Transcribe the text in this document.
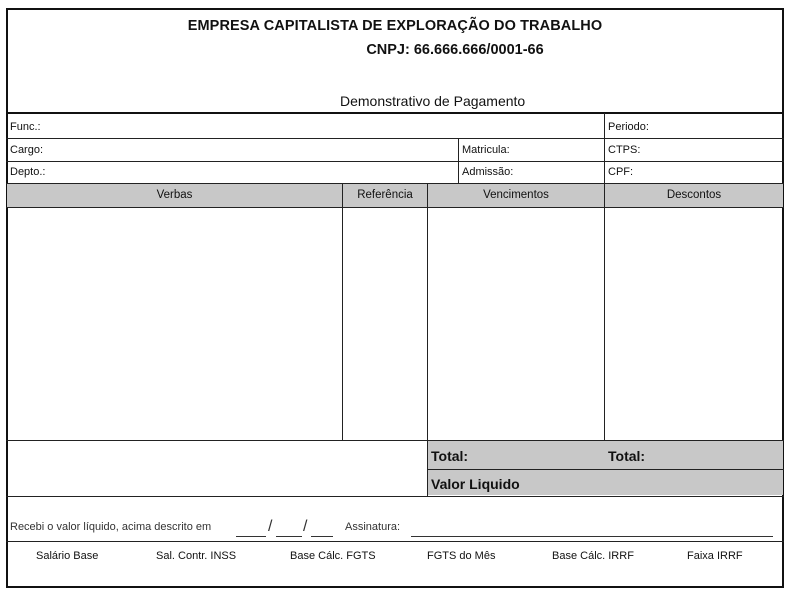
EMPRESA CAPITALISTA DE EXPLORAÇÃO DO TRABALHO
CNPJ: 66.666.666/0001-66
Demonstrativo de Pagamento
Func.:	Periodo:
Cargo:	Matricula:	CTPS:
Depto.:	Admissão:	CPF:
Verbas	Referência	Vencimentos	Descontos
Total:	Total:
Valor Liquido
Recebi o valor líquido, acima descrito em	/ /	Assinatura:
Salário Base	Sal. Contr. INSS	Base Cálc. FGTS	FGTS do Mês	Base Cálc. IRRF	Faixa IRRF
